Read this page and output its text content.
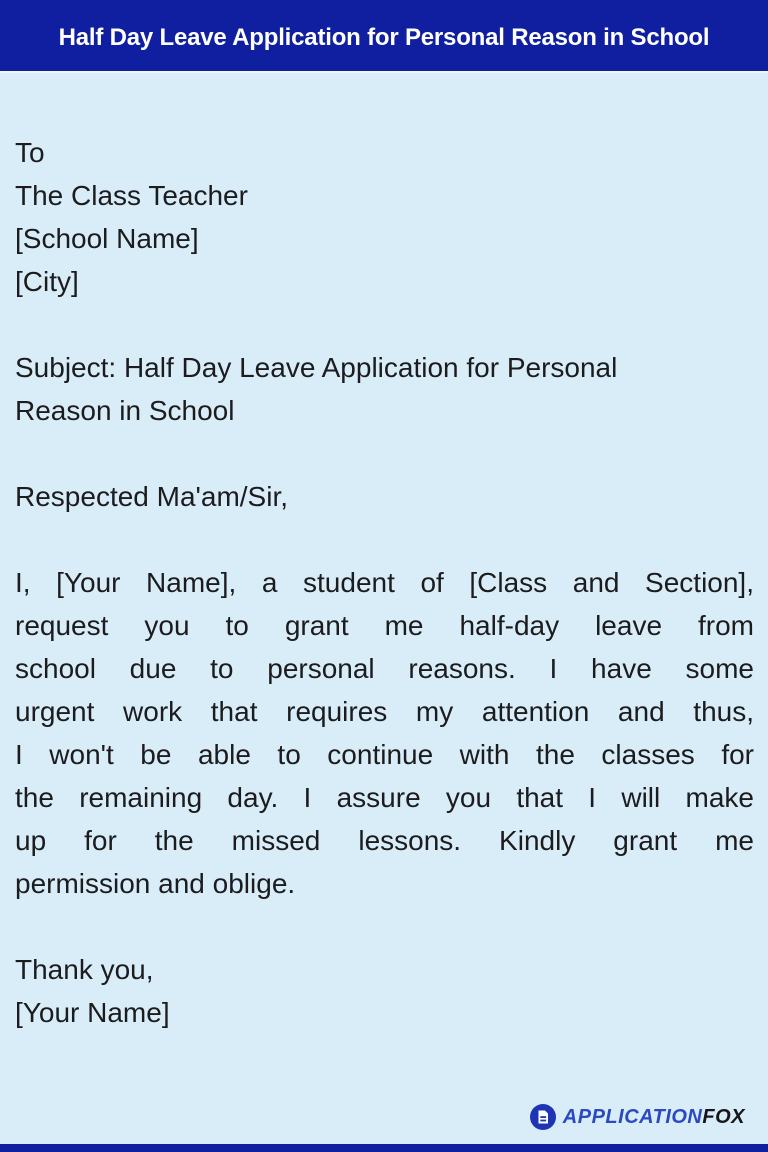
Half Day Leave Application for Personal Reason in School
To
The Class Teacher
[School Name]
[City]
Subject: Half Day Leave Application for Personal
Reason in School
Respected Ma'am/Sir,
I, [Your Name], a student of [Class and Section],
request you to grant me half-day leave from
school due to personal reasons. I have some
urgent work that requires my attention and thus,
I won't be able to continue with the classes for
the remaining day. I assure you that I will make
up for the missed lessons. Kindly grant me
permission and oblige.
Thank you,
[Your Name]
APPLICATIONFOX
